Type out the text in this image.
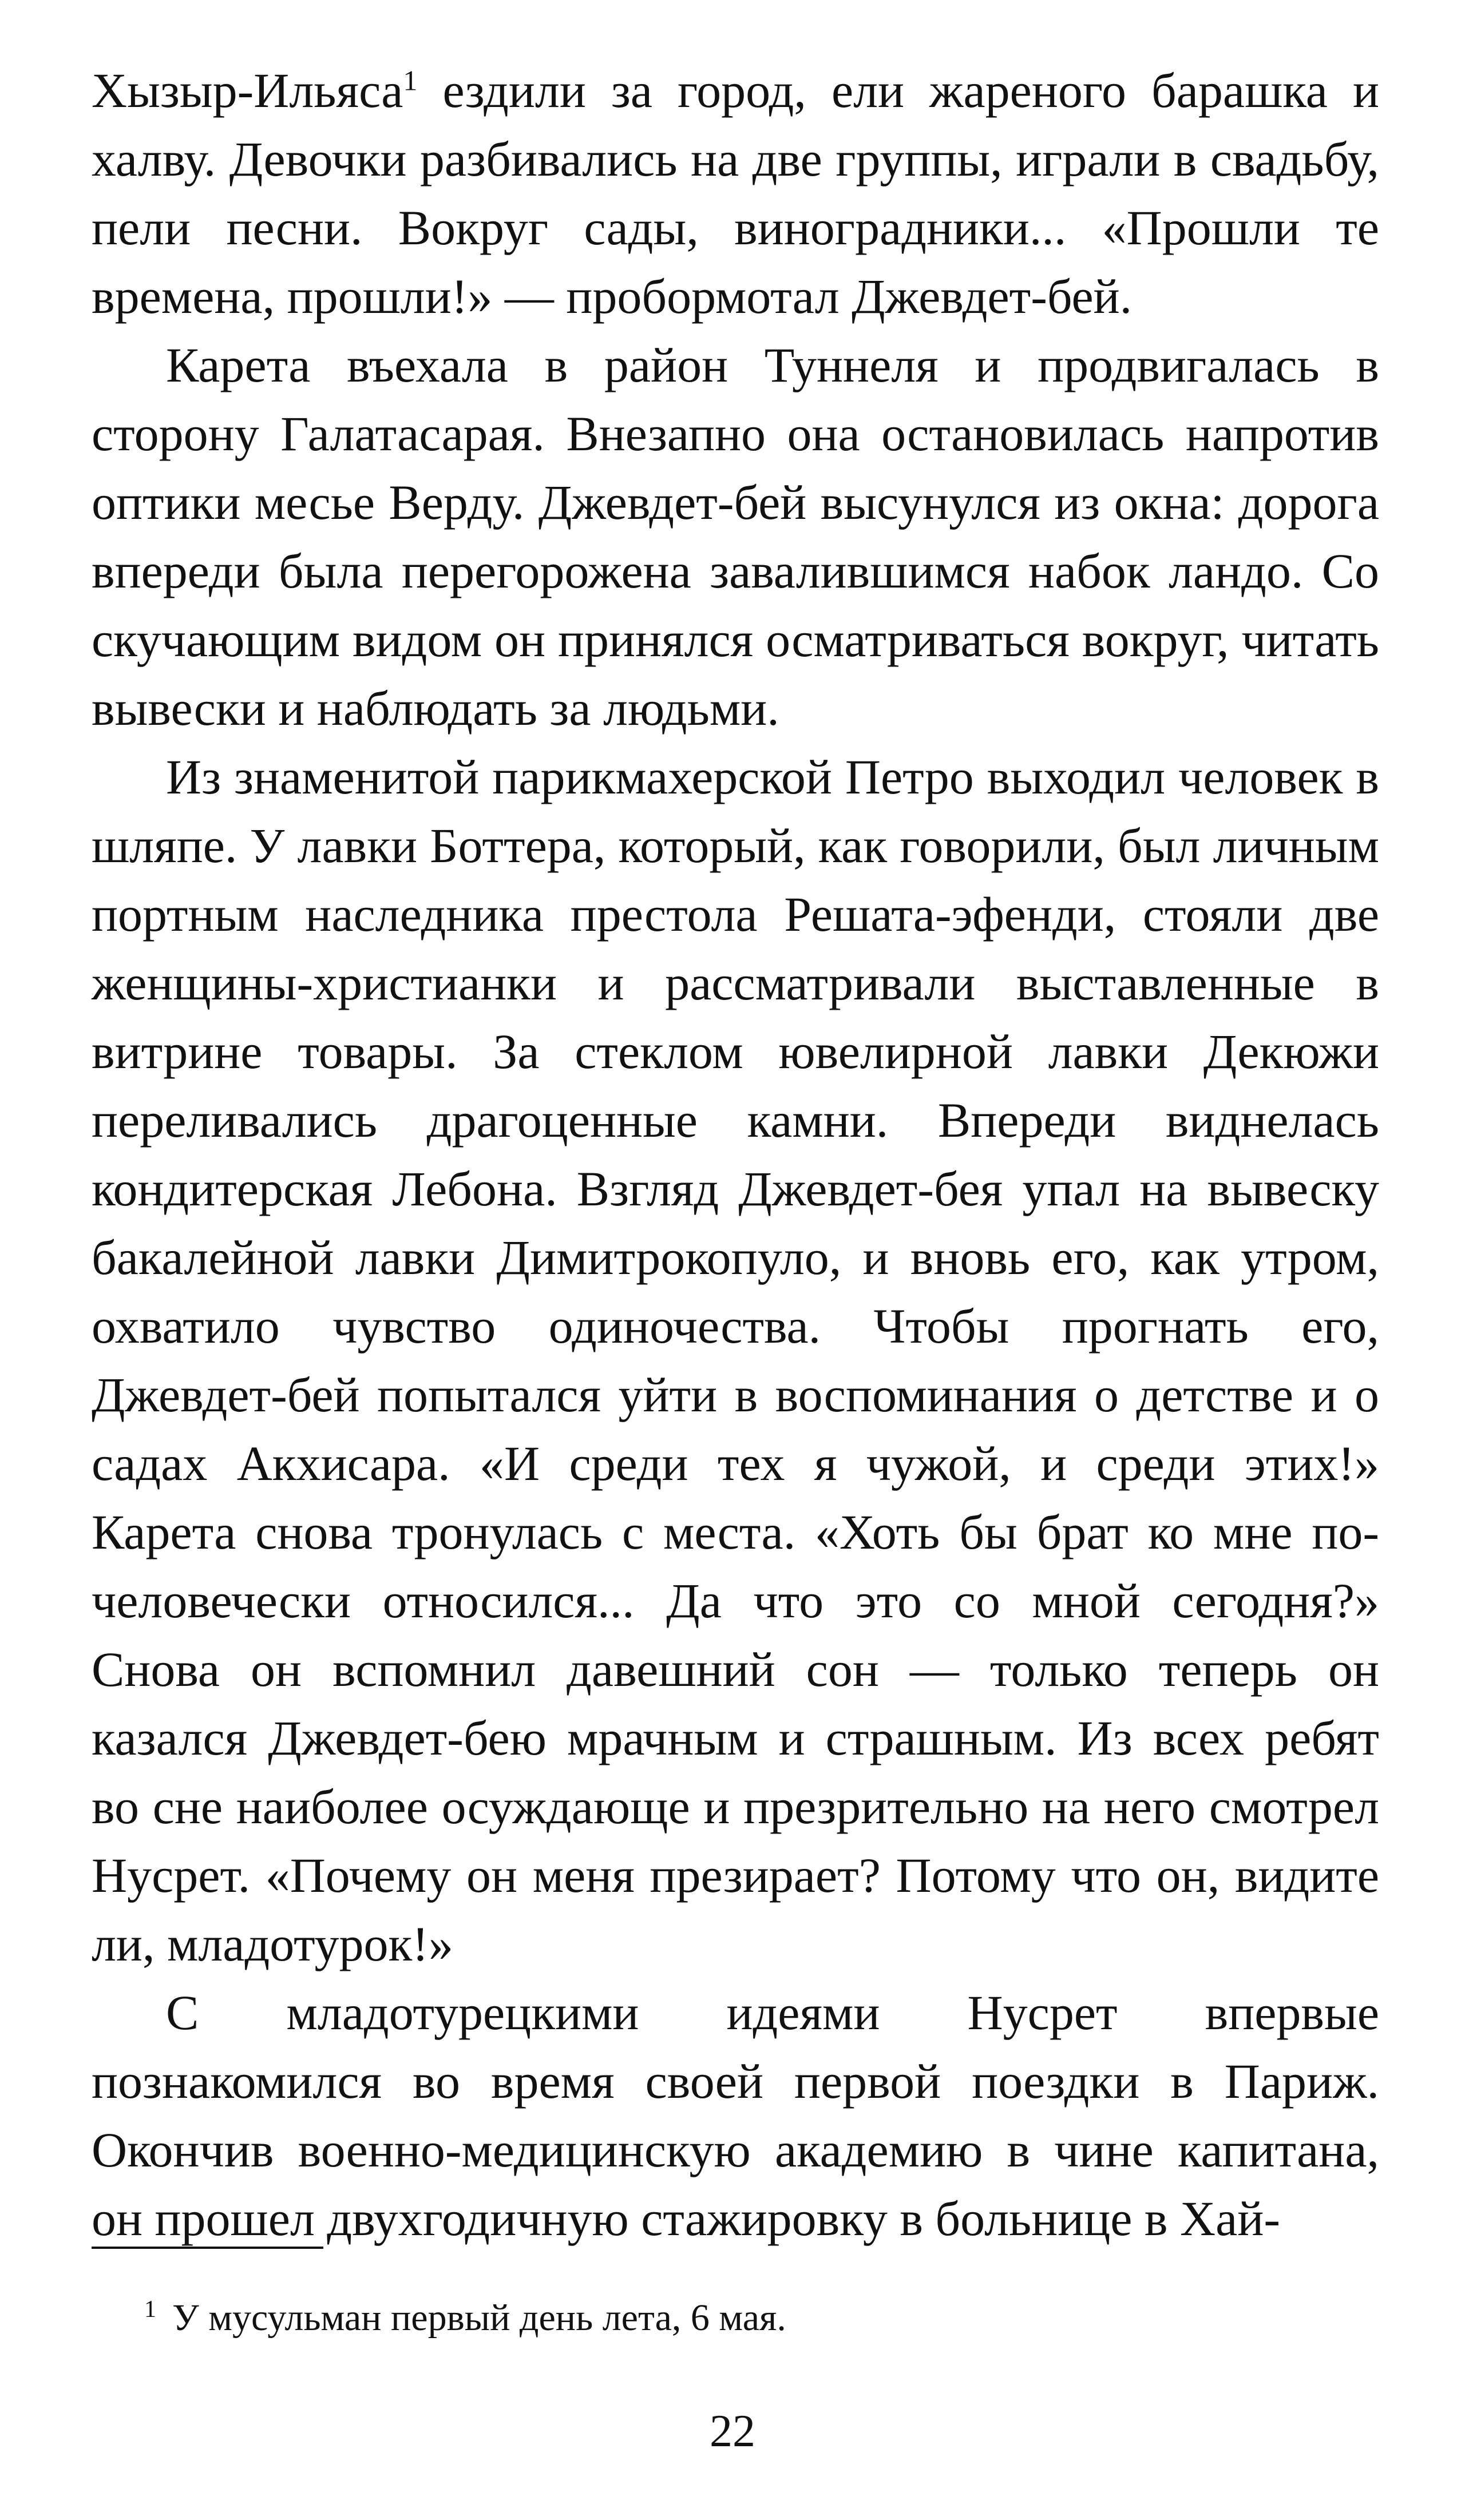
Хызыр-Ильяса$^1$ ездили за город, ели жареного барашка и халву. Девочки разбивались на две группы, играли в свадьбу, пели песни. Вокруг сады, виноградники... «Прошли те времена, прошли!» — пробормотал Джевдет-бей.

Карета въехала в район Туннеля и продвигалась в сторону Галатасарая. Внезапно она остановилась напротив оптики месье Верду. Джевдет-бей высунулся из окна: дорога впереди была перегорожена завалившимся набок ландо. Со скучающим видом он принялся осматриваться вокруг, читать вывески и наблюдать за людьми.

Из знаменитой парикмахерской Петро выходил человек в шляпе. У лавки Боттера, который, как говорили, был личным портным наследника престола Решата-эфенди, стояли две женщины-христианки и рассматривали выставленные в витрине товары. За стеклом ювелирной лавки Декюжи переливались драгоценные камни. Впереди виднелась кондитерская Лебона. Взгляд Джевдет-бея упал на вывеску бакалейной лавки Димитрокопуло, и вновь его, как утром, охватило чувство одиночества. Чтобы прогнать его, Джевдет-бей попытался уйти в воспоминания о детстве и о садах Акхисара. «И среди тех я чужой, и среди этих!» Карета снова тронулась с места. «Хоть бы брат ко мне по-человечески относился... Да что это со мной сегодня?» Снова он вспомнил давешний сон — только теперь он казался Джевдет-бею мрачным и страшным. Из всех ребят во сне наиболее осуждающе и презрительно на него смотрел Нусрет. «Почему он меня презирает? Потому что он, видите ли, младотурок!»

С младотурецкими идеями Нусрет впервые познакомился во время своей первой поездки в Париж. Окончив военно-медицинскую академию в чине капитана, он прошел двухгодичную стажировку в больнице в Хай-

$^1$ У мусульман первый день лета, 6 мая.
22
